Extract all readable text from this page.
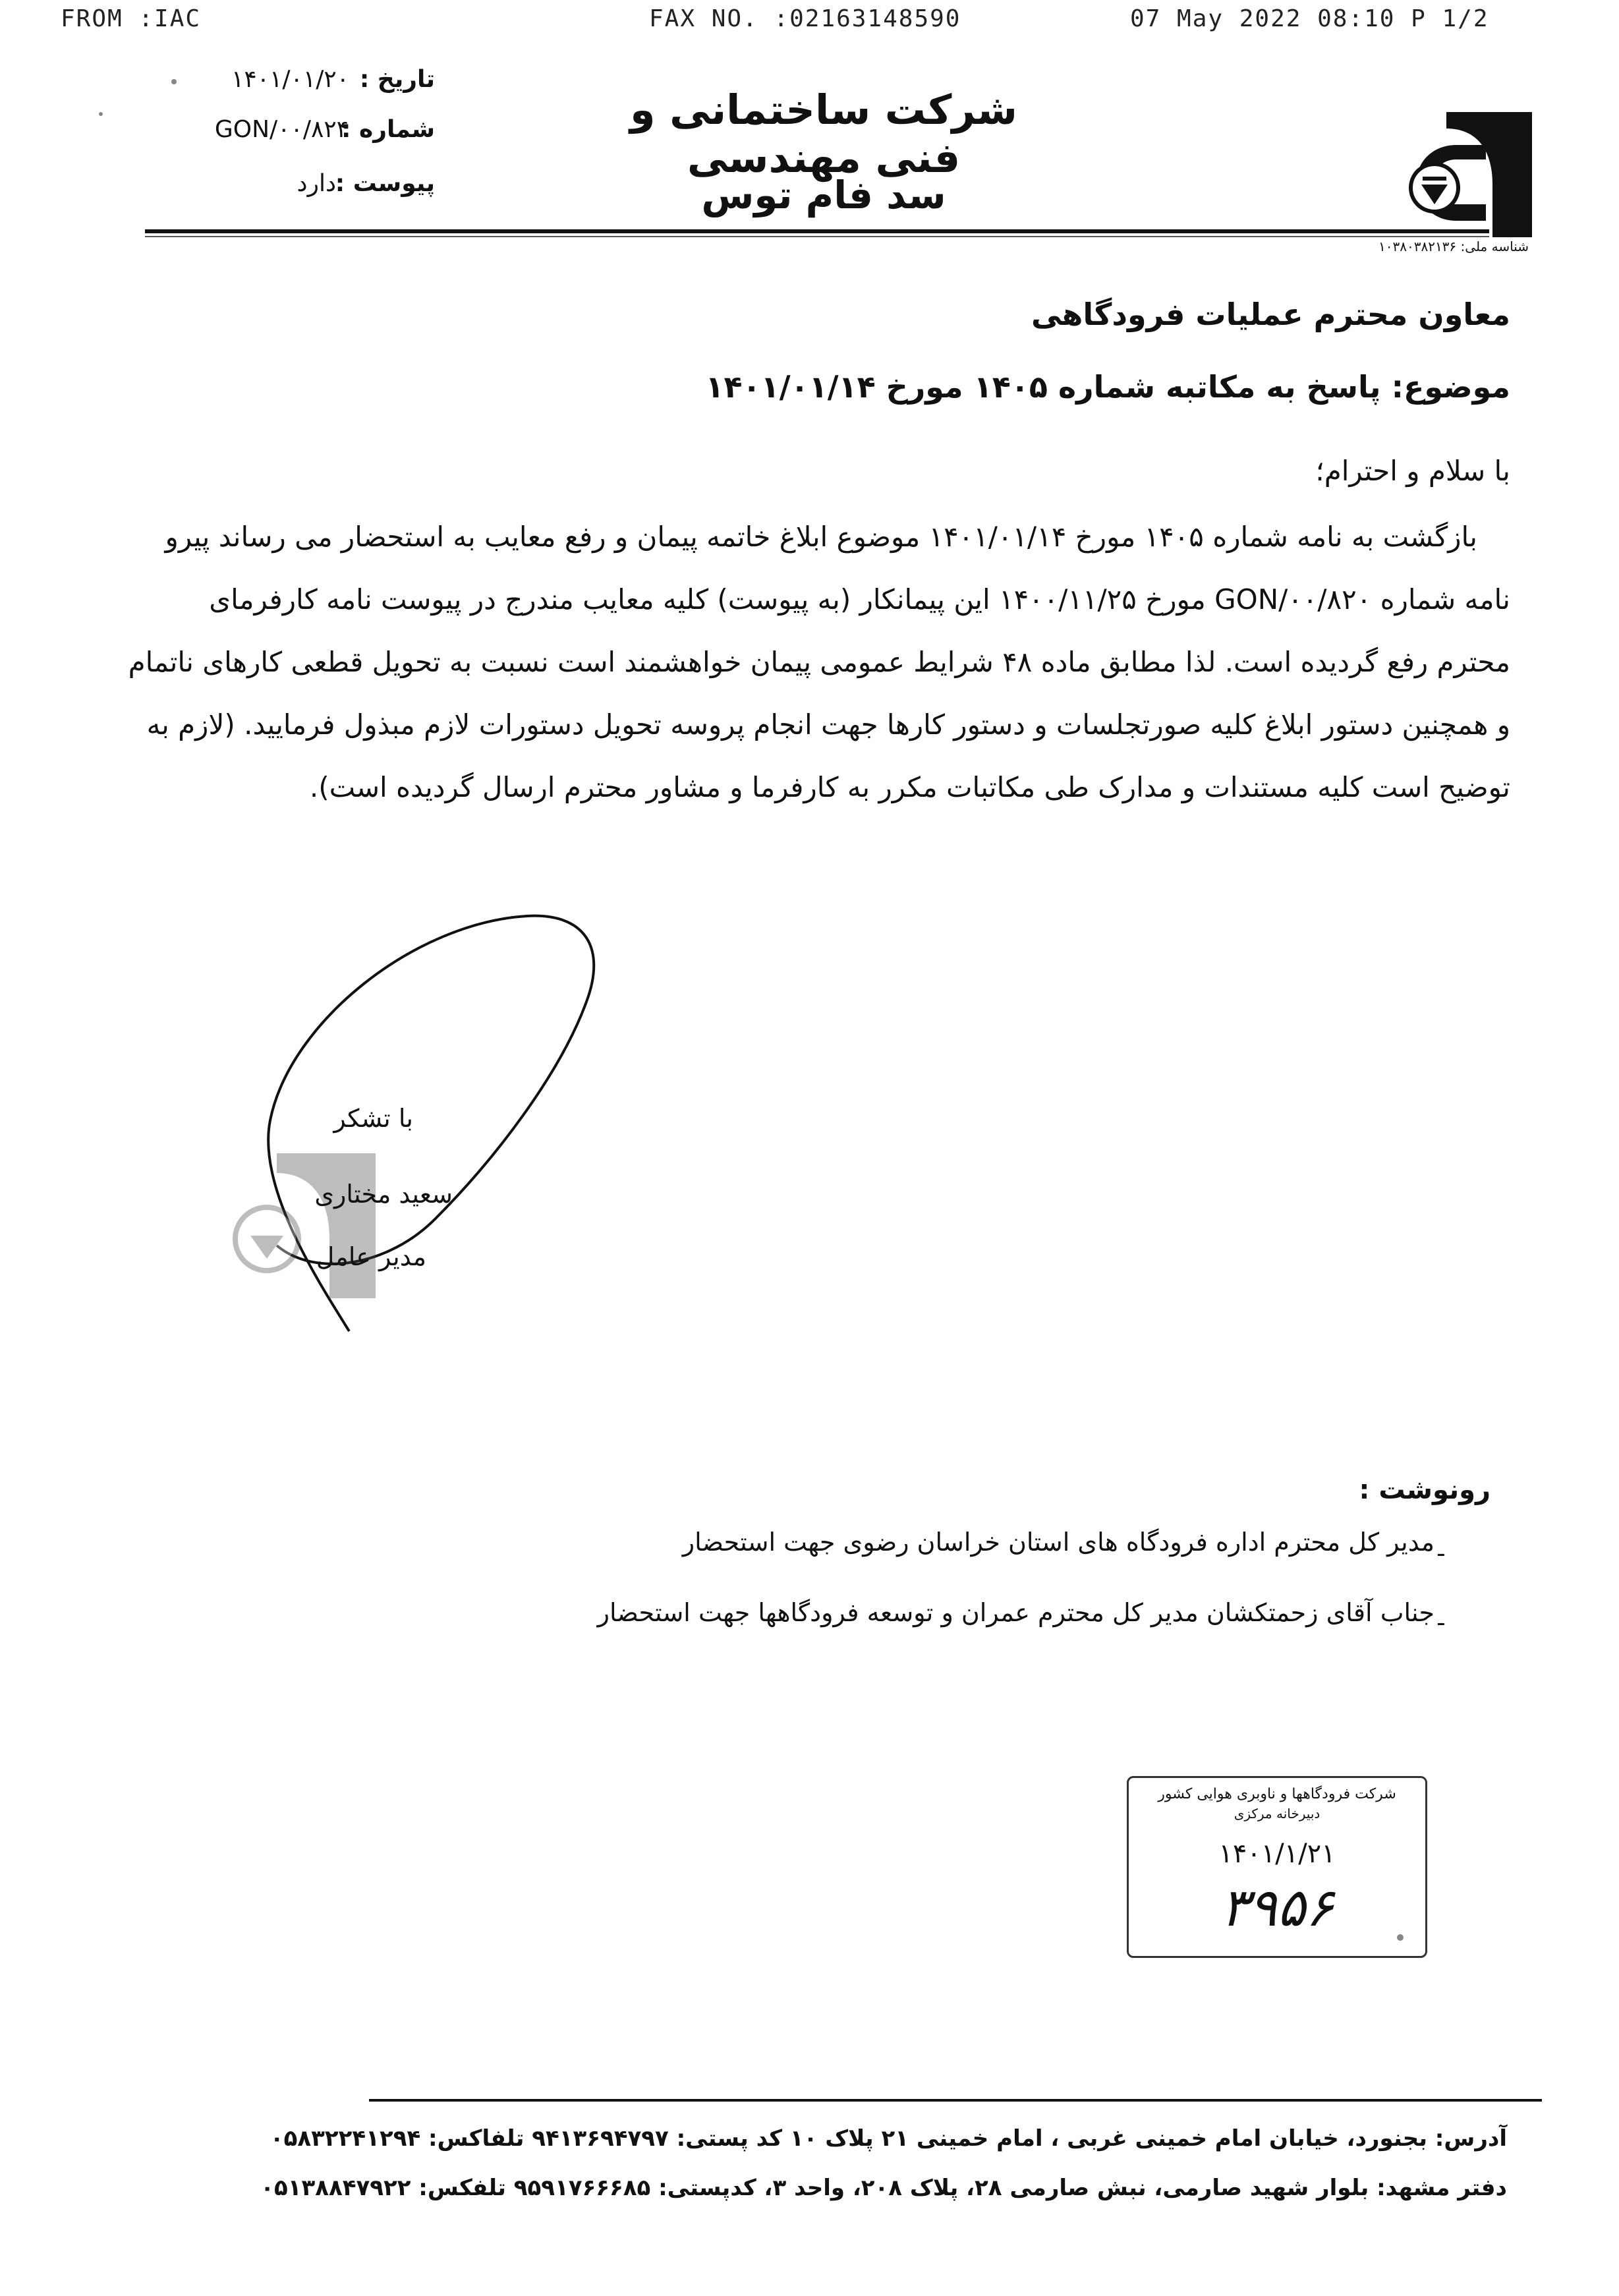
FROM :IAC	FAX NO. :02163148590	07 May 2022 08:10 P 1/2
تاریخ :
۱۴۰۱/۰۱/۲۰
شماره :
GON/۰۰/۸۲۴
پیوست :
دارد
شرکت ساختمانی و فنی مهندسی
سد فام توس
شناسه ملی: ۱۰۳۸۰۳۸۲۱۳۶
معاون محترم عملیات فرودگاهی
موضوع: پاسخ به مکاتبه شماره ۱۴۰۵ مورخ ۱۴۰۱/۰۱/۱۴
با سلام و احترام؛
بازگشت به نامه شماره ۱۴۰۵ مورخ ۱۴۰۱/۰۱/۱۴ موضوع ابلاغ خاتمه پیمان و رفع معایب به استحضار می رساند پیرو
نامه شماره GON/۰۰/۸۲۰ مورخ ۱۴۰۰/۱۱/۲۵ این پیمانکار (به پیوست) کلیه معایب مندرج در پیوست نامه کارفرمای
محترم رفع گردیده است. لذا مطابق ماده ۴۸ شرایط عمومی پیمان خواهشمند است نسبت به تحویل قطعی کارهای ناتمام
و همچنین دستور ابلاغ کلیه صورتجلسات و دستور کارها جهت انجام پروسه تحویل دستورات لازم مبذول فرمایید. (لازم به
توضیح است کلیه مستندات و مدارک طی مکاتبات مکرر به کارفرما و مشاور محترم ارسال گردیده است).
با تشکر
سعید مختاری
مدیر عامل
رونوشت :
-
مدیر کل محترم اداره فرودگاه های استان خراسان رضوی جهت استحضار
-
جناب آقای زحمتکشان مدیر کل محترم عمران و توسعه فرودگاهها جهت استحضار
شرکت فرودگاهها و ناوبری هوایی کشور
دبیرخانه مرکزی
۱۴۰۱/۱/۲۱
۳۹۵۶
آدرس: بجنورد، خیابان امام خمینی غربی ، امام خمینی ۲۱ پلاک ۱۰ کد پستی: ۹۴۱۳۶۹۴۷۹۷ تلفاکس: ۰۵۸۳۲۲۴۱۲۹۴
دفتر مشهد: بلوار شهید صارمی، نبش صارمی ۲۸، پلاک ۲۰۸، واحد ۳، کدپستی: ۹۵۹۱۷۶۶۶۸۵ تلفکس: ۰۵۱۳۸۸۴۷۹۲۲
